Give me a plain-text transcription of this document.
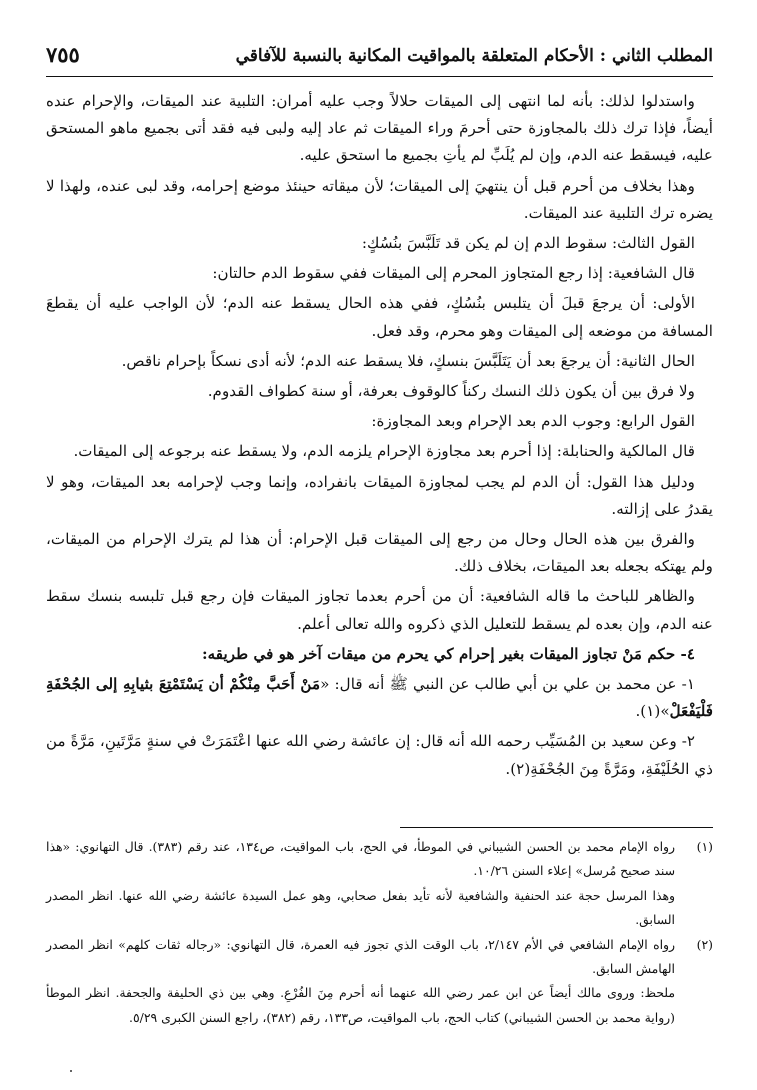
المطلب الثاني : الأحكام المتعلقة بالمواقيت المكانية بالنسبة للآفاقي
٧٥٥

واستدلوا لذلك: بأنه لما انتهى إلى الميقات حلالاً وجب عليه أمران: التلبية عند الميقات، والإحرام عنده أيضاً، فإذا ترك ذلك بالمجاوزة حتى أحرمَ وراء الميقات ثم عاد إليه ولبى فيه فقد أتى بجميع ماهو المستحق عليه، فيسقط عنه الدم، وإن لم يُلَبِّ لم يأتِ بجميع ما استحق عليه.

وهذا بخلاف من أحرم قبل أن ينتهيَ إلى الميقات؛ لأن ميقاته حينئذ موضع إحرامه، وقد لبى عنده، ولهذا لا يضره ترك التلبية عند الميقات.

القول الثالث: سقوط الدم إن لم يكن قد تَلَبَّسَ بنُسُكٍ:

قال الشافعية: إذا رجع المتجاوز المحرم إلى الميقات ففي سقوط الدم حالتان:

الأولى: أن يرجعَ قبلَ أن يتلبس بنُسُكٍ، ففي هذه الحال يسقط عنه الدم؛ لأن الواجب عليه أن يقطعَ المسافة من موضعه إلى الميقات وهو محرم، وقد فعل.

الحال الثانية: أن يرجعَ بعد أن يَتَلَبَّسَ بنسكٍ، فلا يسقط عنه الدم؛ لأنه أدى نسكاً بإحرام ناقص.

ولا فرق بين أن يكون ذلك النسك ركناً كالوقوف بعرفة، أو سنة كطواف القدوم.

القول الرابع: وجوب الدم بعد الإحرام وبعد المجاوزة:

قال المالكية والحنابلة: إذا أحرم بعد مجاوزة الإحرام يلزمه الدم، ولا يسقط عنه برجوعه إلى الميقات.

ودليل هذا القول: أن الدم لم يجب لمجاوزة الميقات بانفراده، وإنما وجب لإحرامه بعد الميقات، وهو لا يقدرُ على إزالته.

والفرق بين هذه الحال وحال من رجع إلى الميقات قبل الإحرام: أن هذا لم يترك الإحرام من الميقات، ولم يهتكه بجعله بعد الميقات، بخلاف ذلك.

والظاهر للباحث ما قاله الشافعية: أن من أحرم بعدما تجاوز الميقات فإن رجع قبل تلبسه بنسك سقط عنه الدم، وإن بعده لم يسقط للتعليل الذي ذكروه والله تعالى أعلم.

٤- حكم مَنْ تجاوز الميقات بغير إحرام كي يحرم من ميقات آخر هو في طريقه:

١- عن محمد بن علي بن أبي طالب عن النبي ﷺ أنه قال: «مَنْ أَحَبَّ مِنْكُمْ أن يَسْتَمْتِعَ بثيابِهِ إلى الجُحْفَةِ فَلْيَفْعَلْ»(١).

٢- وعن سعيد بن المُسَيِّب رحمه الله أنه قال: إن عائشة رضي الله عنها اعْتَمَرَتْ في سنةٍ مَرَّتَينِ، مَرَّةً من ذي الحُلَيْفَةِ، ومَرَّةً مِنَ الجُحْفَةِ(٢).

(١)

رواه الإمام محمد بن الحسن الشيباني في الموطأ، في الحج، باب المواقيت، ص١٣٤، عند رقم (٣٨٣). قال التهانوي: «هذا سند صحيح مُرسل» إعلاء السنن ١٠/٢٦.

وهذا المرسل حجة عند الحنفية والشافعية لأنه تأيد بفعل صحابي، وهو عمل السيدة عائشة رضي الله عنها. انظر المصدر السابق.

(٢)

رواه الإمام الشافعي في الأم ٢/١٤٧، باب الوقت الذي تجوز فيه العمرة، قال التهانوي: «رجاله ثقات كلهم» انظر المصدر الهامش السابق.

ملحظ: وروى مالك أيضاً عن ابن عمر رضي الله عنهما أنه أحرم مِنَ الفُرْعِ. وهي بين ذي الحليفة والجحفة. انظر الموطأ (رواية محمد بن الحسن الشيباني) كتاب الحج، باب المواقيت، ص١٣٣، رقم (٣٨٢)، راجع السنن الكبرى ٥/٢٩.
